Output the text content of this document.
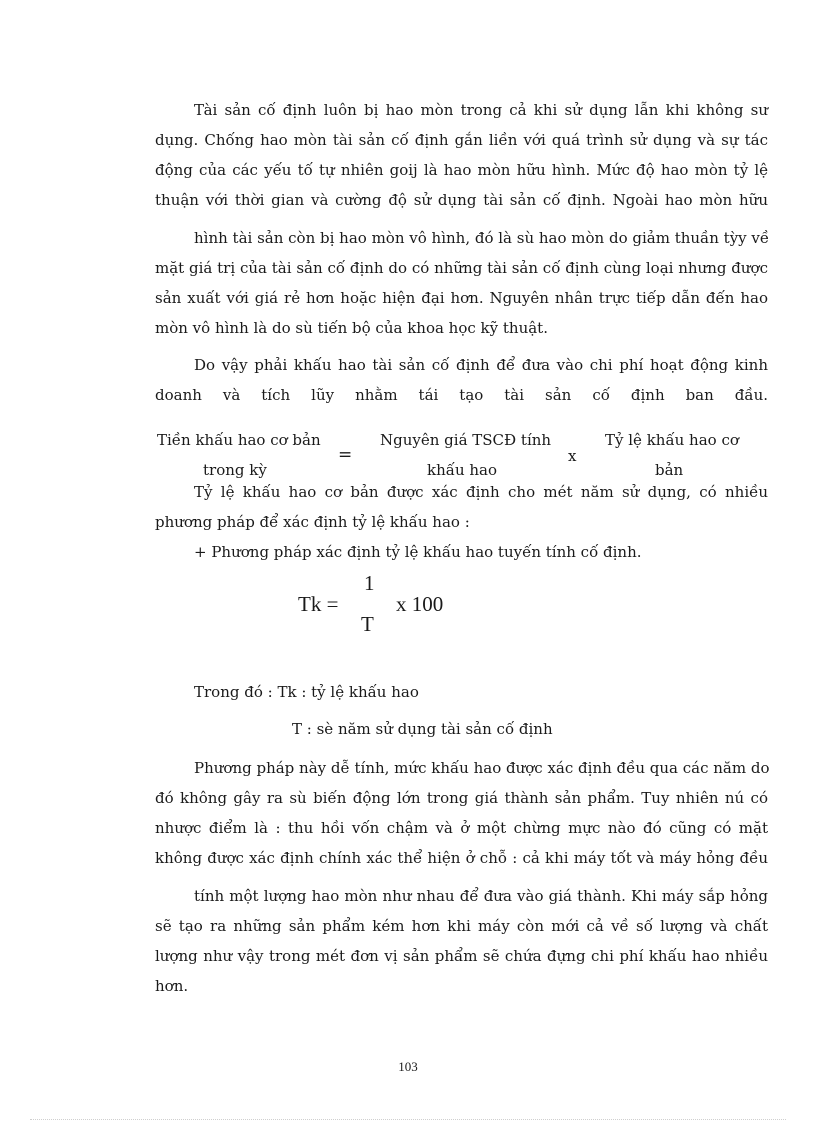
Tài sản cố định luôn bị hao mòn trong cả khi sử dụng lẫn khi không sư
dụng. Chống hao mòn tài sản cố định gắn liền với quá trình sử dụng và sự tác
động của các yếu tố tự nhiên goij là hao mòn hữu hình. Mức độ hao mòn tỷ lệ
thuận với thời gian và cường độ sử dụng tài sản cố định. Ngoài hao mòn hữu
hình tài sản còn bị hao mòn vô hình, đó là sù hao mòn do giảm thuần tỳy về
mặt giá trị của tài sản cố định do có những tài sản cố định cùng loại nhưng được
sản xuất với giá rẻ hơn hoặc hiện đại hơn. Nguyên nhân trực tiếp dẫn đến hao
mòn vô hình là do sù tiến bộ của khoa học kỹ thuật.
Do vậy phải khấu hao tài sản cố định để đưa vào chi phí hoạt động kinh
doanh và tích lũy nhằm tái tạo tài sản cố định ban đầu.
Tiền khấu hao cơ bản
trong kỳ
=
Nguyên giá TSCĐ tính
khấu hao
x
Tỷ lệ khấu hao cơ
bản
Tỷ lệ khấu hao cơ bản được xác định cho mét năm sử dụng, có nhiều
phương pháp để xác định tỷ lệ khấu hao :
+ Phương pháp xác định tỷ lệ khấu hao tuyến tính cố định.
Tk =
1
T
x 100
Trong đó : Tk : tỷ lệ khấu hao
T : sè năm sử dụng tài sản cố định
Phương pháp này dễ tính, mức khấu hao được xác định đều qua các năm do
đó không gây ra sù biến động lớn trong giá thành sản phẩm. Tuy nhiên nú có
nhược điểm là : thu hồi vốn chậm và ở một chừng mực nào đó cũng có mặt
không được xác định chính xác thể hiện ở chỗ : cả khi máy tốt và máy hỏng đều
tính một lượng hao mòn như nhau để đưa vào giá thành. Khi máy sắp hỏng
sẽ tạo ra những sản phẩm kém hơn khi máy còn mới cả về số lượng và chất
lượng như vậy trong mét đơn vị sản phẩm sẽ chứa đựng chi phí khấu hao nhiều
hơn.
103
